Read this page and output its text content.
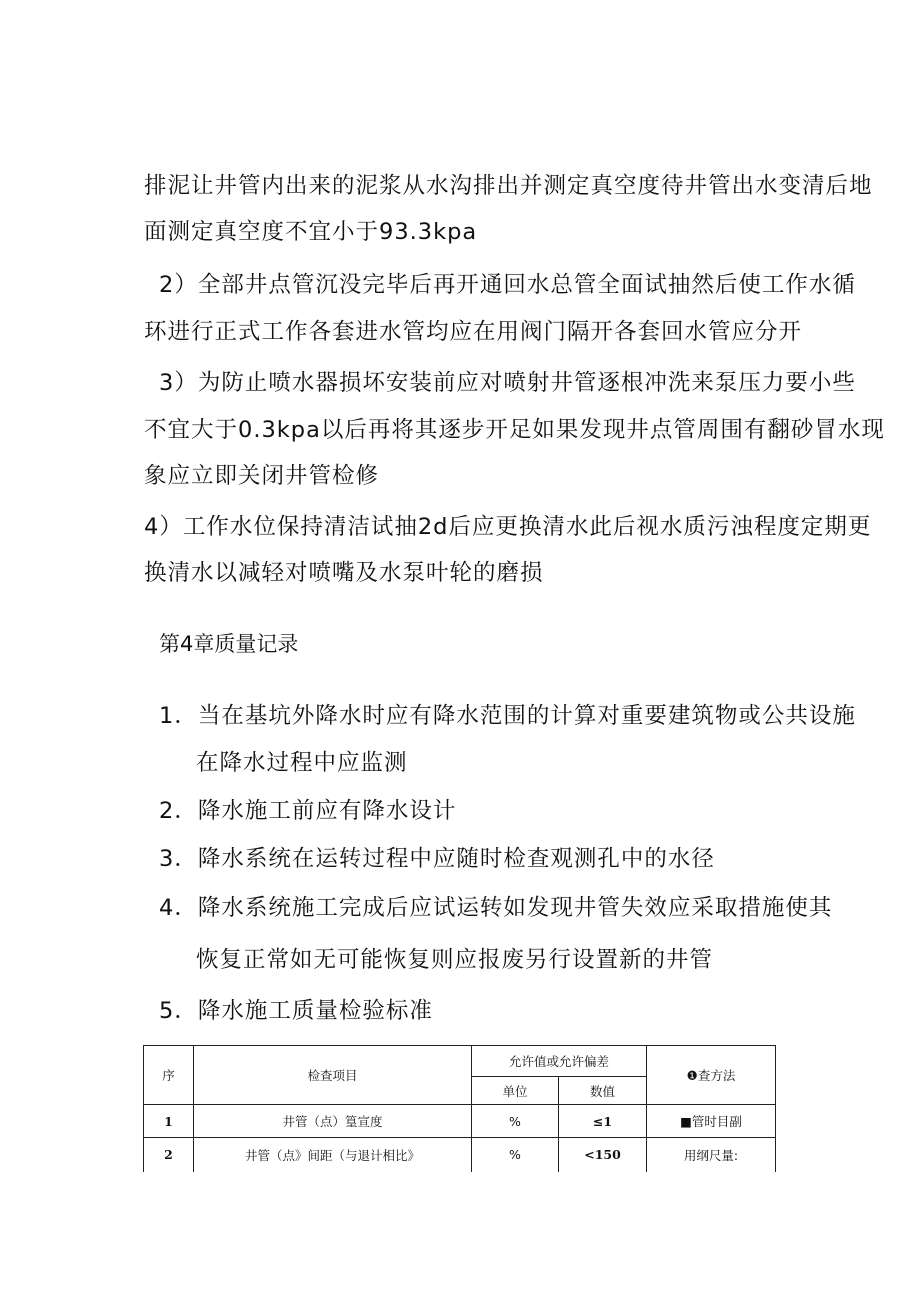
排泥让井管内出来的泥浆从水沟排出并测定真空度待井管出水变清后地
面测定真空度不宜小于93.3kpa
2）全部井点管沉没完毕后再开通回水总管全面试抽然后使工作水循
环进行正式工作各套进水管均应在用阀门隔开各套回水管应分开
3）为防止喷水器损坏安装前应对喷射井管逐根冲洗来泵压力要小些
不宜大于0.3kpa以后再将其逐步开足如果发现井点管周围有翻砂冒水现
象应立即关闭井管检修
4）工作水位保持清洁试抽2d后应更换清水此后视水质污浊程度定期更
换清水以减轻对喷嘴及水泵叶轮的磨损
第4章质量记录
1．当在基坑外降水时应有降水范围的计算对重要建筑物或公共设施
在降水过程中应监测
2．降水施工前应有降水设计
3．降水系统在运转过程中应随时检查观测孔中的水径
4．降水系统施工完成后应试运转如发现井管失效应采取措施使其
恢复正常如无可能恢复则应报废另行设置新的井管
5．降水施工质量检验标准
序	检查项目	允许值或允许偏差		❶查方法
		单位	数值	
1	井管（点）篁宣度	%	≤1	■管时目副
2	井管（点》间距（与退计相比》	%	<150	用纲尺量:
